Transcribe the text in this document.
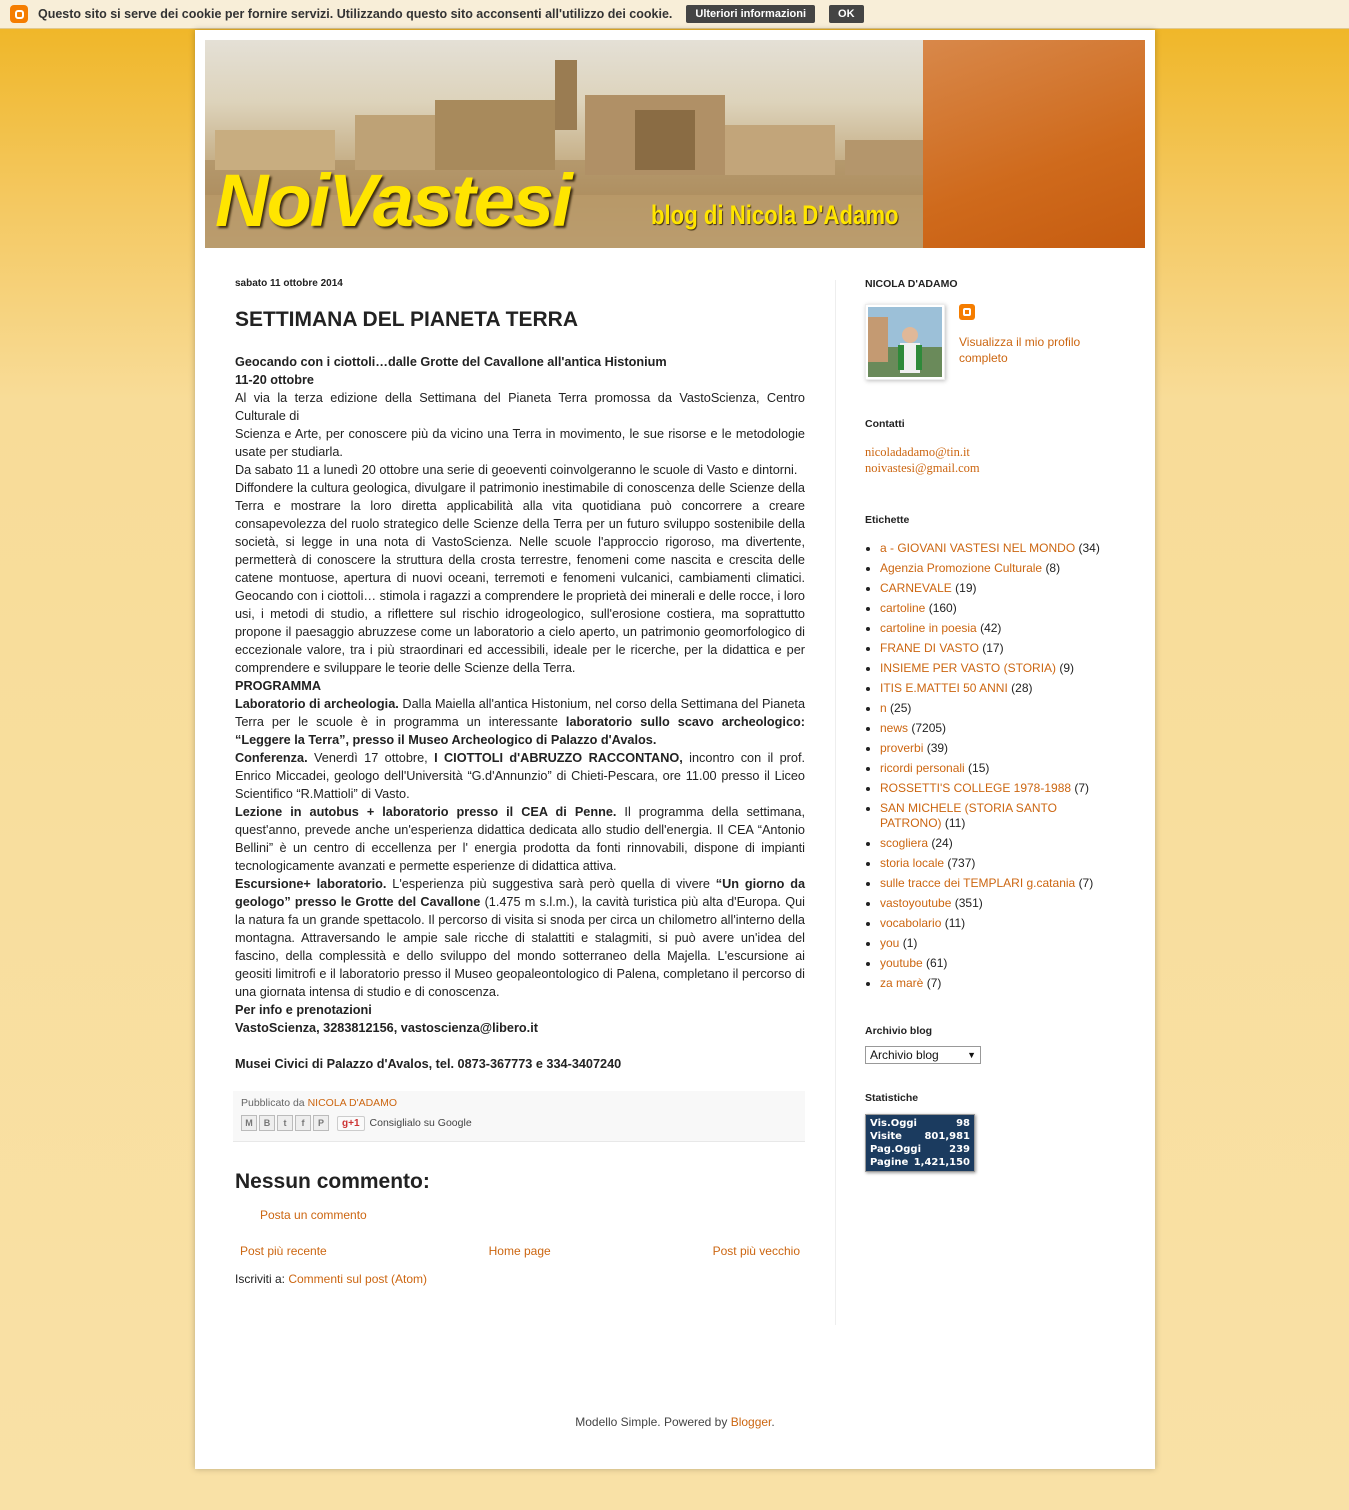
Questo sito si serve dei cookie per fornire servizi. Utilizzando questo sito acconsenti all'utilizzo dei cookie.	Ulteriori informazioni	OK
NoiVastesi	blog di Nicola D'Adamo
sabato 11 ottobre 2014
SETTIMANA DEL PIANETA TERRA
Geocando con i ciottoli…dalle Grotte del Cavallone all'antica Histonium
11-20 ottobre
Al via la terza edizione della Settimana del Pianeta Terra promossa da VastoScienza, Centro Culturale di
Scienza e Arte, per conoscere più da vicino una Terra in movimento, le sue risorse e le metodologie usate per studiarla.
Da sabato 11 a lunedì 20 ottobre una serie di geoeventi coinvolgeranno le scuole di Vasto e dintorni.
Diffondere la cultura geologica, divulgare il patrimonio inestimabile di conoscenza delle Scienze della Terra e mostrare la loro diretta applicabilità alla vita quotidiana può concorrere a creare consapevolezza del ruolo strategico delle Scienze della Terra per un futuro sviluppo sostenibile della società, si legge in una nota di VastoScienza. Nelle scuole l'approccio rigoroso, ma divertente, permetterà di conoscere la struttura della crosta terrestre, fenomeni come nascita e crescita delle catene montuose, apertura di nuovi oceani, terremoti e fenomeni vulcanici, cambiamenti climatici. Geocando con i ciottoli… stimola i ragazzi a comprendere le proprietà dei minerali e delle rocce, i loro usi, i metodi di studio, a riflettere sul rischio idrogeologico, sull'erosione costiera, ma soprattutto propone il paesaggio abruzzese come un laboratorio a cielo aperto, un patrimonio geomorfologico di eccezionale valore, tra i più straordinari ed accessibili, ideale per le ricerche, per la didattica e per comprendere e sviluppare le teorie delle Scienze della Terra.
PROGRAMMA
Laboratorio di archeologia. Dalla Maiella all'antica Histonium, nel corso della Settimana del Pianeta Terra per le scuole è in programma un interessante laboratorio sullo scavo archeologico: “Leggere la Terra”, presso il Museo Archeologico di Palazzo d'Avalos.
Conferenza. Venerdì 17 ottobre, I CIOTTOLI d'ABRUZZO RACCONTANO, incontro con il prof. Enrico Miccadei, geologo dell'Università “G.d'Annunzio” di Chieti-Pescara, ore 11.00 presso il Liceo Scientifico “R.Mattioli” di Vasto.
Lezione in autobus + laboratorio presso il CEA di Penne. Il programma della settimana, quest'anno, prevede anche un'esperienza didattica dedicata allo studio dell'energia. Il CEA “Antonio Bellini” è un centro di eccellenza per l' energia prodotta da fonti rinnovabili, dispone di impianti tecnologicamente avanzati e permette esperienze di didattica attiva.
Escursione+ laboratorio. L'esperienza più suggestiva sarà però quella di vivere “Un giorno da geologo” presso le Grotte del Cavallone (1.475 m s.l.m.), la cavità turistica più alta d'Europa. Qui la natura fa un grande spettacolo. Il percorso di visita si snoda per circa un chilometro all'interno della montagna. Attraversando le ampie sale ricche di stalattiti e stalagmiti, si può avere un'idea del fascino, della complessità e dello sviluppo del mondo sotterraneo della Majella. L'escursione ai geositi limitrofi e il laboratorio presso il Museo geopaleontologico di Palena, completano il percorso di una giornata intensa di studio e di conoscenza.
Per info e prenotazioni
VastoScienza, 3283812156, vastoscienza@libero.it

Musei Civici di Palazzo d'Avalos, tel. 0873-367773 e 334-3407240
Pubblicato da NICOLA D'ADAMO
M	B	t	f	P	g+1 Consiglialo su Google
Nessun commento:
Posta un commento
Post più recente	Home page	Post più vecchio
Iscriviti a: Commenti sul post (Atom)
NICOLA D'ADAMO
Visualizza il mio profilo completo
Contatti
nicoladadamo@tin.it
noivastesi@gmail.com
Etichette
• a - GIOVANI VASTESI NEL MONDO (34)
• Agenzia Promozione Culturale (8)
• CARNEVALE (19)
• cartoline (160)
• cartoline in poesia (42)
• FRANE DI VASTO (17)
• INSIEME PER VASTO (STORIA) (9)
• ITIS E.MATTEI 50 ANNI (28)
• n (25)
• news (7205)
• proverbi (39)
• ricordi personali (15)
• ROSSETTI'S COLLEGE 1978-1988 (7)
• SAN MICHELE (STORIA SANTO PATRONO) (11)
• scogliera (24)
• storia locale (737)
• sulle tracce dei TEMPLARI g.catania (7)
• vastoyoutube (351)
• vocabolario (11)
• you (1)
• youtube (61)
• za marè (7)
Archivio blog
Archivio blog	▼
Statistiche
Vis.Oggi	98
Visite 801,981
Pag.Oggi	239
Pagine 1,421,150
Modello Simple. Powered by Blogger.
